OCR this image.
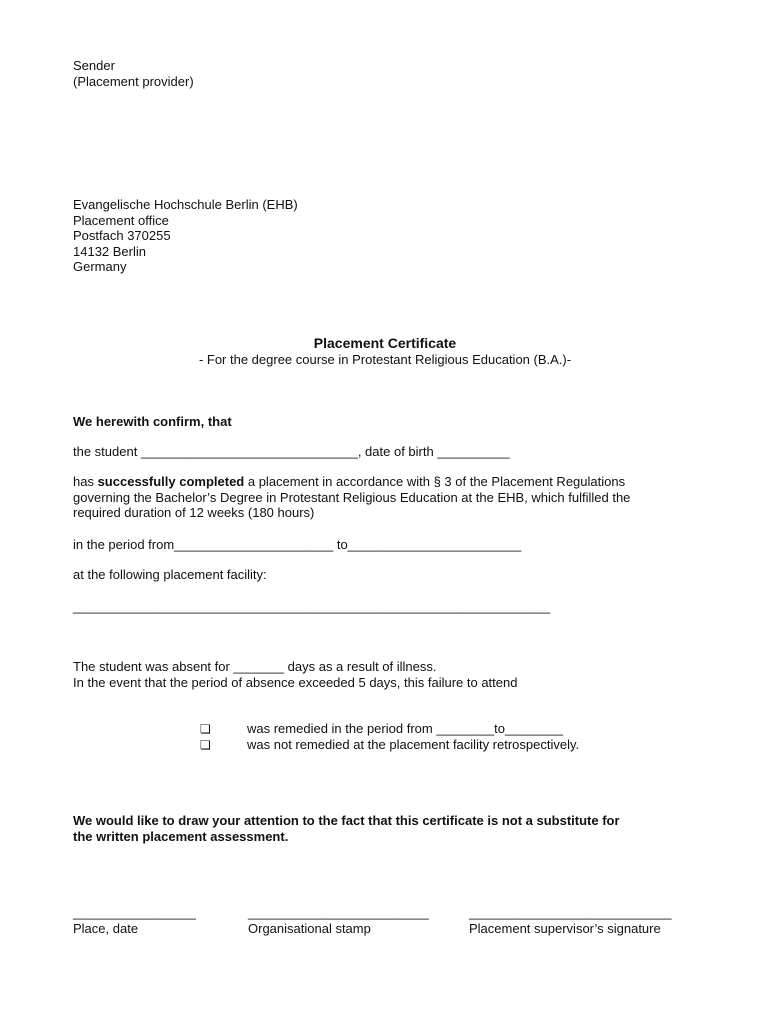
Sender
(Placement provider)
Evangelische Hochschule Berlin (EHB)
Placement office
Postfach 370255
14132 Berlin
Germany
Placement Certificate
- For the degree course in Protestant Religious Education (B.A.)-
We herewith confirm, that
the student ______________________________, date of birth __________
has successfully completed a placement in accordance with § 3 of the Placement Regulations
governing the Bachelor’s Degree in Protestant Religious Education at the EHB, which fulfilled the
required duration of 12 weeks (180 hours)
in the period from______________________ to________________________
at the following placement facility:
__________________________________________________________________
The student was absent for _______ days as a result of illness.
In the event that the period of absence exceeded 5 days, this failure to attend
❏	was remedied in the period from ________to________
❏	was not remedied at the placement facility retrospectively.
We would like to draw your attention to the fact that this certificate is not a substitute for
the written placement assessment.
_________________
Place, date
_________________________
Organisational stamp
____________________________
Placement supervisor’s signature
